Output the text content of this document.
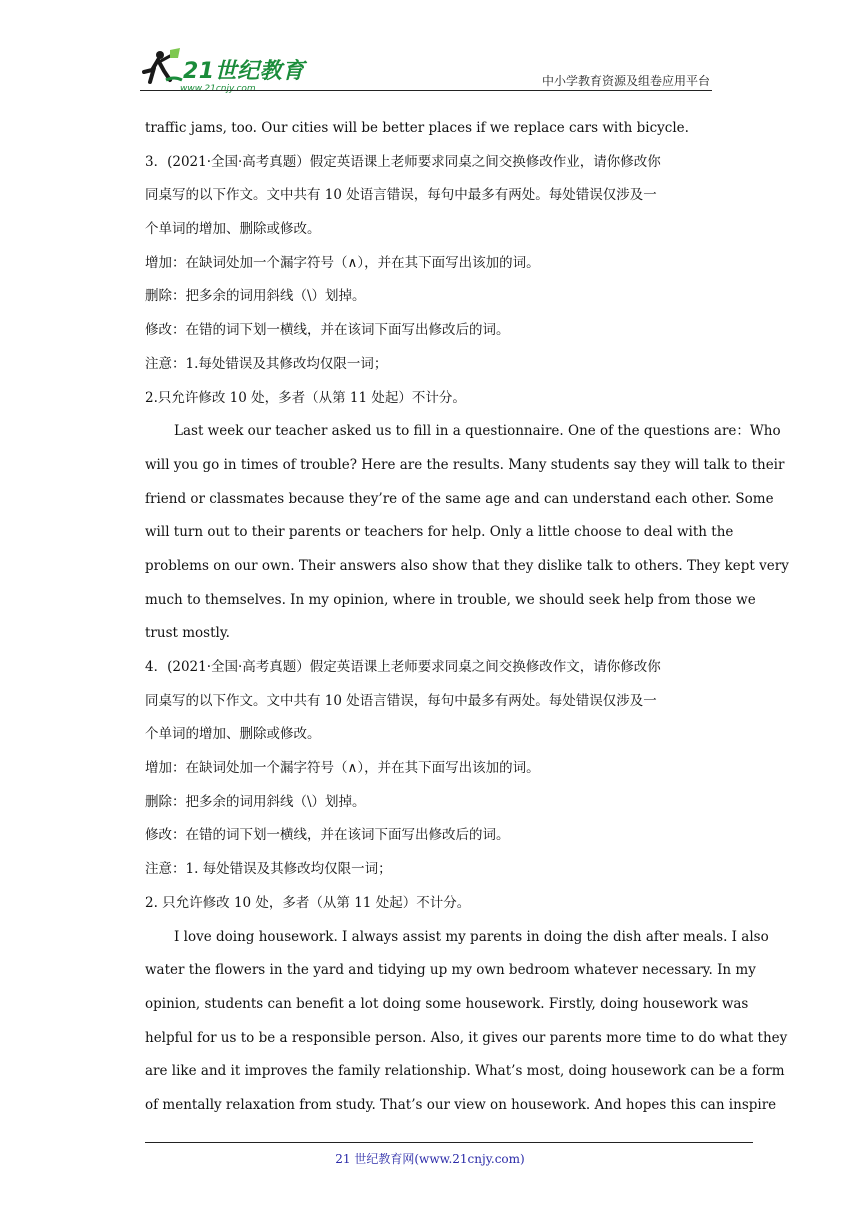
21世纪教育
www.21cnjy.com
中小学教育资源及组卷应用平台
traffic jams, too. Our cities will be better places if we replace cars with bicycle.
3．(2021·全国·高考真题）假定英语课上老师要求同桌之间交换修改作业，请你修改你
同桌写的以下作文。文中共有 10 处语言错误，每句中最多有两处。每处错误仅涉及一
个单词的增加、删除或修改。
增加：在缺词处加一个漏字符号（∧），并在其下面写出该加的词。
删除：把多余的词用斜线（\）划掉。
修改：在错的词下划一横线，并在该词下面写出修改后的词。
注意：1.每处错误及其修改均仅限一词；
2.只允许修改 10 处，多者（从第 11 处起）不计分。
Last week our teacher asked us to fill in a questionnaire. One of the questions are：Who
will you go in times of trouble? Here are the results. Many students say they will talk to their
friend or classmates because they’re of the same age and can understand each other. Some
will turn out to their parents or teachers for help. Only a little choose to deal with the
problems on our own. Their answers also show that they dislike talk to others. They kept very
much to themselves. In my opinion, where in trouble, we should seek help from those we
trust mostly.
4．(2021·全国·高考真题）假定英语课上老师要求同桌之间交换修改作文，请你修改你
同桌写的以下作文。文中共有 10 处语言错误，每句中最多有两处。每处错误仅涉及一
个单词的增加、删除或修改。
增加：在缺词处加一个漏字符号（∧），并在其下面写出该加的词。
删除：把多余的词用斜线（\）划掉。
修改：在错的词下划一横线，并在该词下面写出修改后的词。
注意：1. 每处错误及其修改均仅限一词；
2. 只允许修改 10 处，多者（从第 11 处起）不计分。
I love doing housework. I always assist my parents in doing the dish after meals. I also
water the flowers in the yard and tidying up my own bedroom whatever necessary. In my
opinion, students can benefit a lot doing some housework. Firstly, doing housework was
helpful for us to be a responsible person. Also, it gives our parents more time to do what they
are like and it improves the family relationship. What’s most, doing housework can be a form
of mentally relaxation from study. That’s our view on housework. And hopes this can inspire
21 世纪教育网(www.21cnjy.com)
